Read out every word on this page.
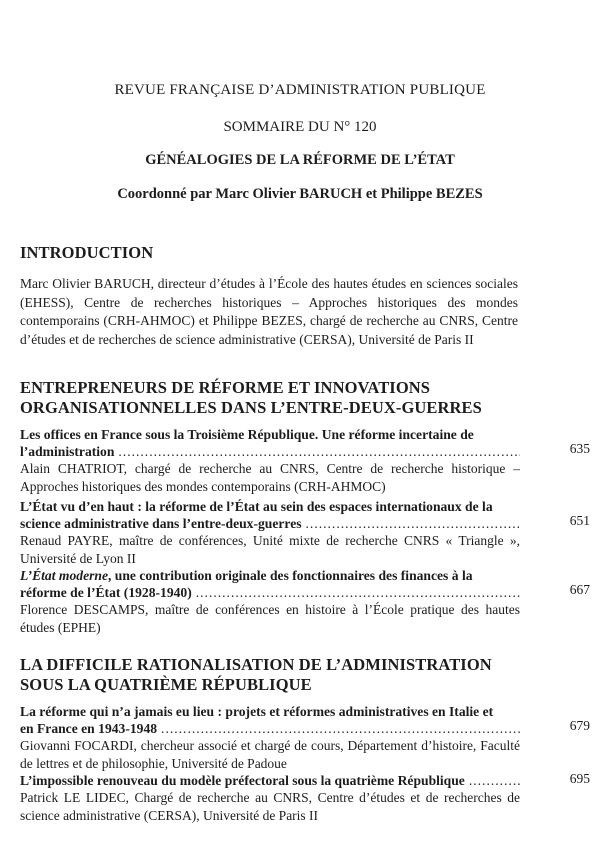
REVUE FRANÇAISE D’ADMINISTRATION PUBLIQUE
SOMMAIRE DU N° 120
GÉNÉALOGIES DE LA RÉFORME DE L’ÉTAT
Coordonné par Marc Olivier BARUCH et Philippe BEZES
INTRODUCTION
Marc Olivier BARUCH, directeur d’études à l’École des hautes études en sciences sociales (EHESS), Centre de recherches historiques – Approches historiques des mondes contemporains (CRH-AHMOC) et Philippe BEZES, chargé de recherche au CNRS, Centre d’études et de recherches de science administrative (CERSA), Université de Paris II
ENTREPRENEURS DE RÉFORME ET INNOVATIONS
ORGANISATIONNELLES DANS L’ENTRE-DEUX-GUERRES
Les offices en France sous la Troisième République. Une réforme incertaine de
l’administration .....	635
Alain CHATRIOT, chargé de recherche au CNRS, Centre de recherche historique – Approches historiques des mondes contemporains (CRH-AHMOC)
L’État vu d’en haut : la réforme de l’État au sein des espaces internationaux de la
science administrative dans l’entre-deux-guerres .....	651
Renaud PAYRE, maître de conférences, Unité mixte de recherche CNRS « Triangle », Université de Lyon II
L’État moderne, une contribution originale des fonctionnaires des finances à la
réforme de l’État (1928-1940) .....	667
Florence DESCAMPS, maître de conférences en histoire à l’École pratique des hautes études (EPHE)
LA DIFFICILE RATIONALISATION DE L’ADMINISTRATION
SOUS LA QUATRIÈME RÉPUBLIQUE
La réforme qui n’a jamais eu lieu : projets et réformes administratives en Italie et
en France en 1943-1948 .....	679
Giovanni FOCARDI, chercheur associé et chargé de cours, Département d’histoire, Faculté de lettres et de philosophie, Université de Padoue
L’impossible renouveau du modèle préfectoral sous la quatrième République .....	695
Patrick LE LIDEC, Chargé de recherche au CNRS, Centre d’études et de recherches de science administrative (CERSA), Université de Paris II
